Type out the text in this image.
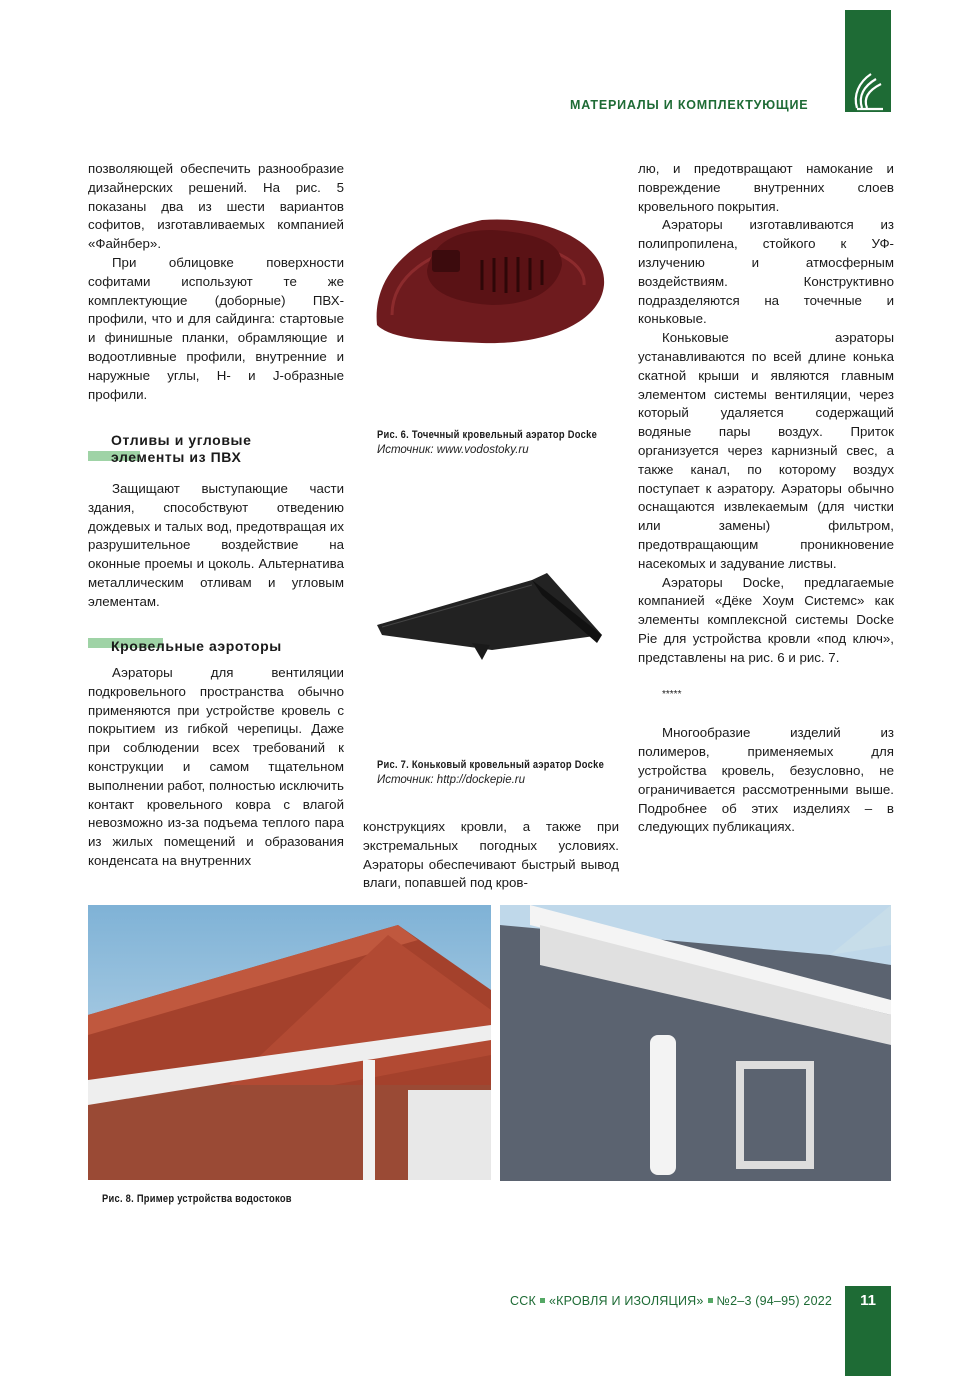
МАТЕРИАЛЫ И КОМПЛЕКТУЮЩИЕ

позволяющей обеспечить разнообразие дизайнерских решений. На рис. 5 показаны два из шести вариантов софитов, изготавливаемых компанией «Файнбер».

При облицовке поверхности софитами используют те же комплектующие (доборные) ПВХ-профили, что и для сайдинга: стартовые и финишные планки, обрамляющие и водоотливные профили, внутренние и наружные углы, Н- и J-образные профили.

Отливы и угловые
элементы из ПВХ

Защищают выступающие части здания, способствуют отведению дождевых и талых вод, предотвращая их разрушительное воздействие на оконные проемы и цоколь. Альтернатива металлическим отливам и угловым элементам.

Кровельные аэроторы

Аэраторы для вентиляции подкровельного пространства обычно применяются при устройстве кровель с покрытием из гибкой черепицы. Даже при соблюдении всех требований к конструкции и самом тщательном выполнении работ, полностью исключить контакт кровельного ковра с влагой невозможно из-за подъема теплого пара из жилых помещений и образования конденсата на внутренних

Рис. 6. Точечный кровельный аэратор Docke
Источник: www.vodostoky.ru
Рис. 7. Коньковый кровельный аэратор Docke
Источник: http://dockepie.ru

конструкциях кровли, а также при экстремальных погодных условиях. Аэраторы обеспечивают быстрый вывод влаги, попавшей под кров-

лю, и предотвращают намокание и повреждение внутренних слоев кровельного покрытия.

Аэраторы изготавливаются из полипропилена, стойкого к УФ-излучению и атмосферным воздействиям. Конструктивно подразделяются на точечные и коньковые.

Коньковые аэраторы устанавливаются по всей длине конька скатной крыши и являются главным элементом системы вентиляции, через который удаляется содержащий водяные пары воздух. Приток организуется через карнизный свес, а также канал, по которому воздух поступает к аэратору. Аэраторы обычно оснащаются извлекаемым (для чистки или замены) фильтром, предотвращающим проникновение насекомых и задувание листвы.

Аэраторы Docke, предлагаемые компанией «Дёке Хоум Системс» как элементы комплексной системы Docke Pie для устройства кровли «под ключ», представлены на рис. 6 и рис. 7.

*****

Многообразие изделий из полимеров, применяемых для устройства кровель, безусловно, не ограничивается рассмотренными выше. Подробнее об этих изделиях – в следующих публикациях.

Рис. 8. Пример устройства водостоков
ССК «КРОВЛЯ И ИЗОЛЯЦИЯ» №2–3 (94–95) 2022	11
